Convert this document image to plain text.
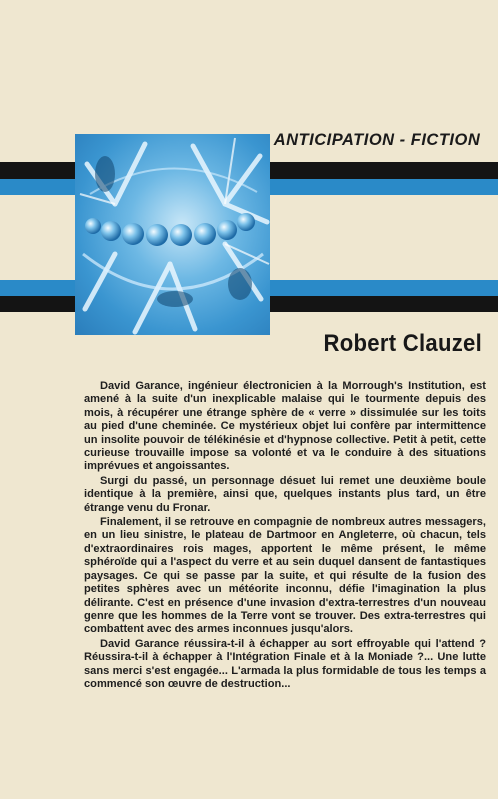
ANTICIPATION - FICTION
Robert Clauzel

David Garance, ingénieur électronicien à la Morrough's Institution, est amené à la suite d'un inexplicable malaise qui le tourmente depuis des mois, à récupérer une étrange sphère de « verre » dissimulée sur les toits au pied d'une cheminée. Ce mystérieux objet lui confère par intermittence un insolite pouvoir de télékinésie et d'hypnose collective. Petit à petit, cette curieuse trouvaille impose sa volonté et va le conduire à des situations imprévues et angoissantes.

Surgi du passé, un personnage désuet lui remet une deuxième boule identique à la première, ainsi que, quelques instants plus tard, un être étrange venu du Fronar.

Finalement, il se retrouve en compagnie de nombreux autres messagers, en un lieu sinistre, le plateau de Dartmoor en Angleterre, où chacun, tels d'extraordinaires rois mages, apportent le même présent, le même sphéroïde qui a l'aspect du verre et au sein duquel dansent de fantastiques paysages. Ce qui se passe par la suite, et qui résulte de la fusion des petites sphères avec un météorite inconnu, défie l'imagination la plus délirante. C'est en présence d'une invasion d'extra-terrestres d'un nouveau genre que les hommes de la Terre vont se trouver. Des extra-terrestres qui combattent avec des armes inconnues jusqu'alors.

David Garance réussira-t-il à échapper au sort effroyable qui l'attend ? Réussira-t-il à échapper à l'Intégration Finale et à la Moniade ?... Une lutte sans merci s'est engagée... L'armada la plus formidable de tous les temps a commencé son œuvre de destruction...
